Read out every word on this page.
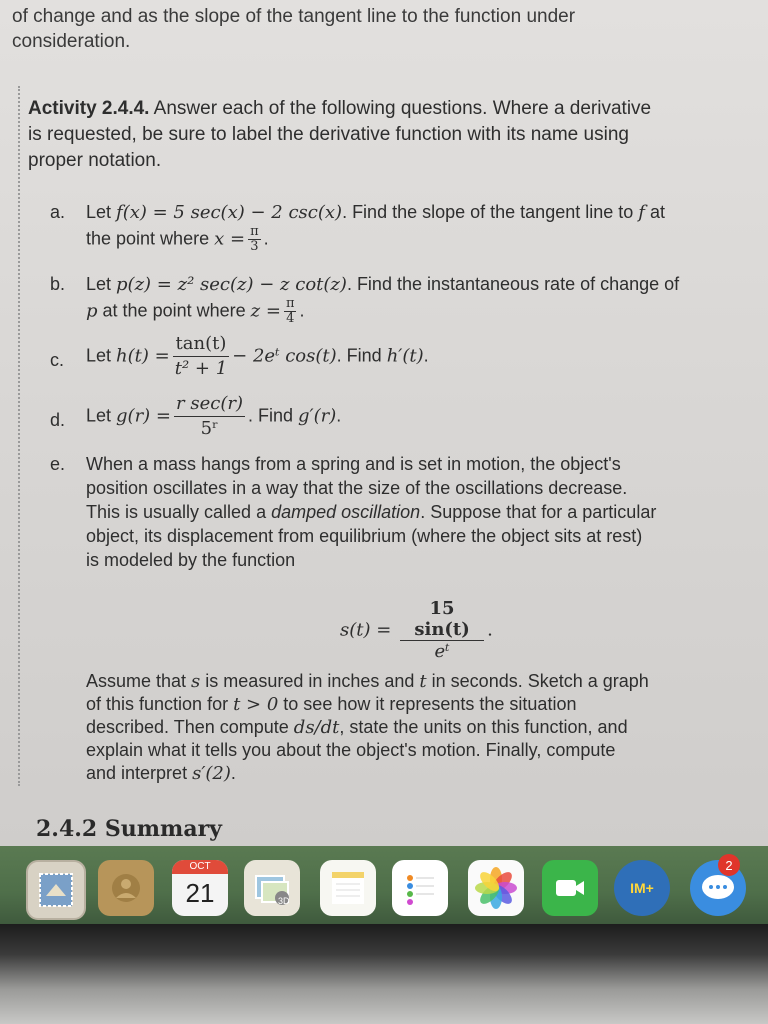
of change and as the slope of the tangent line to the function under
consideration.
Activity 2.4.4. Answer each of the following questions. Where a derivative
is requested, be sure to label the derivative function with its name using
proper notation.
a. Let f(x) = 5 sec(x) − 2 csc(x). Find the slope of the tangent line to f at
the point where $x = \frac{\pi}{3}$ .
b. Let p(z) = z² sec(z) − z cot(z). Find the instantaneous rate of change of
p at the point where $z = \frac{\pi}{4}$ .
c. Let $h(t) = \frac{\tan(t)}{\text{t² + 1}}$ − 2eᵗ cos(t). Find h′(t).
d. Let $g(r) = \frac{\text{r sec(r)}}{\text{5ʳ}}$ . Find g′(r).
e. When a mass hangs from a spring and is set in motion, the object's
position oscillates in a way that the size of the oscillations decrease.
This is usually called a damped oscillation. Suppose that for a particular
object, its displacement from equilibrium (where the object sits at rest)
is modeled by the function
Assume that s is measured in inches and t in seconds. Sketch a graph
of this function for t > 0 to see how it represents the situation
described. Then compute ds/dt, state the units on this function, and
explain what it tells you about the object's motion. Finally, compute
and interpret s′(2).
$s(t) = \frac{15 \sin(t)}{\text{eᵗ}}$ .
2.4.2 Summary
OCT
21	3D
IM+
2
